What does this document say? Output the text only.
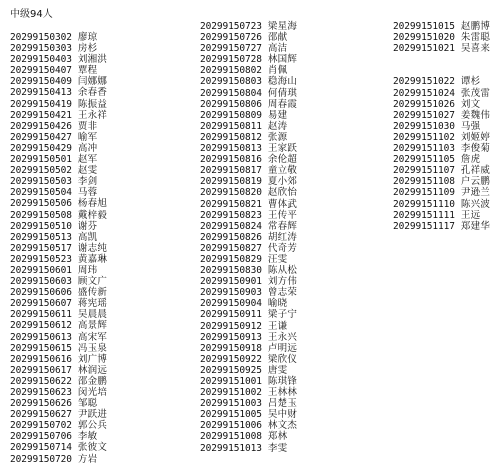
中级94人
20299150302 廖琼
20299150303 房杉
20299150403 刘湘洪
20299150407 覃程
20299150409 闫娜娜
20299150413 余春香
20299150419 陈振益
20299150421 王永祥
20299150426 贾非
20299150427 喻军
20299150429 高冲
20299150501 赵军
20299150502 赵雯
20299150503 李剑
20299150504 马蓉
20299150506 杨春旭
20299150508 戴梓毅
20299150510 谢芬
20299150513 高凯
20299150517 谢志纯
20299150523 黄嘉琳
20299150601 周玮
20299150603 顾文广
20299150606 盛传新
20299150607 蒋宪瑶
20299150611 吴晨晨
20299150612 高景辉
20299150613 高宋军
20299150615 冯玉泉
20299150616 刘广博
20299150617 林润远
20299150622 邵金鹏
20299150623 闵光培
20299150626 邹聪
20299150627 尹跃进
20299150702 郭公兵
20299150706 李敏
20299150714 张彼文
20299150720 方岩
20299150723 梁星海
20299150726 邵献
20299150727 高洁
20299150728 林国辉
20299150802 肖佩
20299150803 稳海山
20299150804 何倩琪
20299150806 周春霞
20299150809 易建
20299150811 赵涛
20299150812 张源
20299150813 王家跃
20299150816 余伦超
20299150817 童立敬
20299150819 夏小郊
20299150820 赵欣怡
20299150821 曹体武
20299150823 王传平
20299150824 常春辉
20299150826 胡红涛
20299150827 代奇芳
20299150829 汪雯
20299150830 陈从松
20299150901 刘方伟
20299150903 曾志荣
20299150904 喻晓
20299150911 梁子宁
20299150912 王谦
20299150913 王永兴
20299150918 卢明远
20299150922 梁欣仪
20299150925 唐雯
20299151001 陈琪锋
20299151002 王林林
20299151003 吕楚玉
20299151005 吴中财
20299151006 林文杰
20299151008 郑林
20299151013 李雯
20299151015 赵鹏博
20299151020 朱雷聪
20299151021 吴喜来
20299151022 谭杉
20299151024 张茂雷
20299151026 刘文
20299151027 姜魏伟
20299151030 马强
20299151102 刘姬婷
20299151103 李俊菊
20299151105 詹虎
20299151107 孔祥威
20299151108 户云鹏
20299151109 尹逊兰
20299151110 陈兴波
20299151111 王远
20299151117 郑建华
